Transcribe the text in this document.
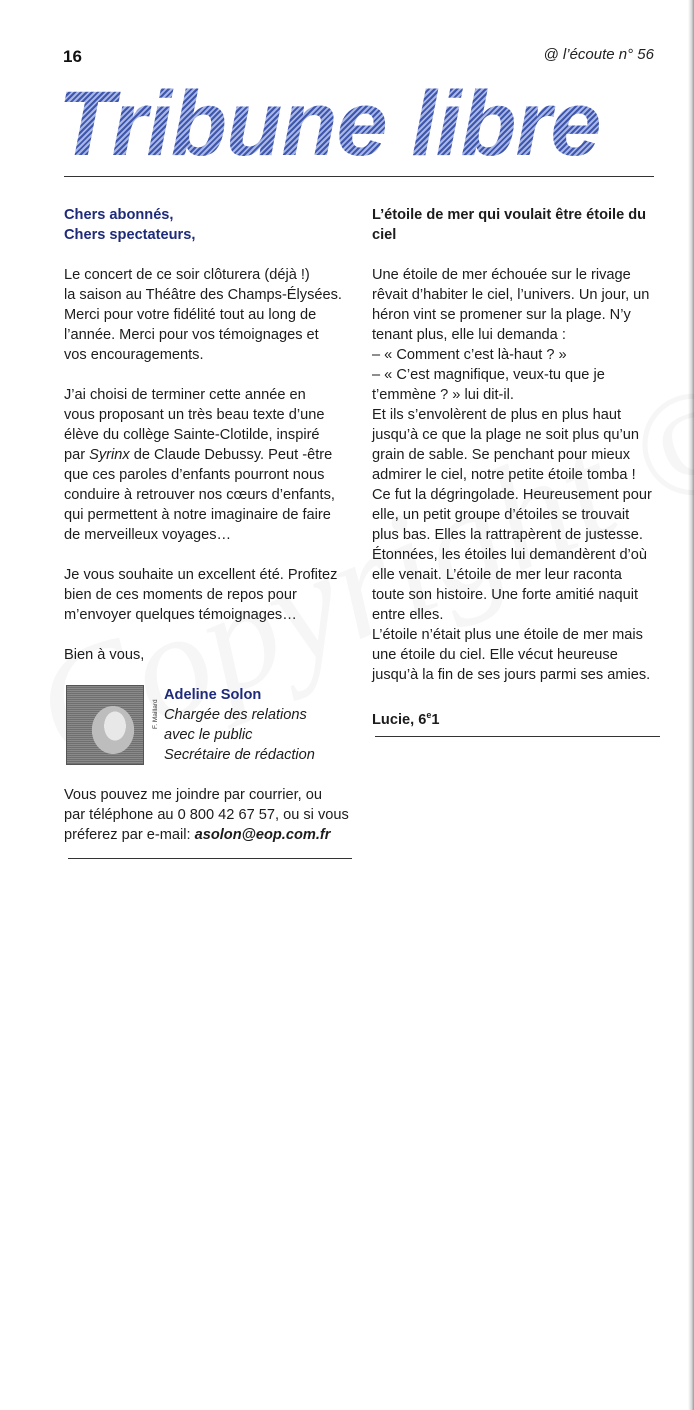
16	@ l’écoute n° 56
Tribune libre
Chers abonnés,
Chers spectateurs,
Le concert de ce soir clôturera (déjà !)
la saison au Théâtre des Champs-Élysées.
Merci pour votre fidélité tout au long de
l’année. Merci pour vos témoignages et
vos encouragements.
J’ai choisi de terminer cette année en
vous proposant un très beau texte d’une
élève du collège Sainte-Clotilde, inspiré
par Syrinx de Claude Debussy. Peut -être
que ces paroles d’enfants pourront nous
conduire à retrouver nos cœurs d’enfants,
qui permettent à notre imaginaire de faire
de merveilleux voyages…
Je vous souhaite un excellent été. Profitez
bien de ces moments de repos pour
m’envoyer quelques témoignages…
Bien à vous,
F. Maillard
Adeline Solon
Chargée des relations
avec le public
Secrétaire de rédaction
Vous pouvez me joindre par courrier, ou
par téléphone au 0 800 42 67 57, ou si vous
préferez par e-mail: asolon@eop.com.fr
L’étoile de mer qui voulait être étoile du
ciel
Une étoile de mer échouée sur le rivage
rêvait d’habiter le ciel, l’univers. Un jour, un
héron vint se promener sur la plage. N’y
tenant plus, elle lui demanda :
– « Comment c’est là-haut ? »
– « C’est magnifique, veux-tu que je
t’emmène ? » lui dit-il.
Et ils s’envolèrent de plus en plus haut
jusqu’à ce que la plage ne soit plus qu’un
grain de sable. Se penchant pour mieux
admirer le ciel, notre petite étoile tomba !
Ce fut la dégringolade. Heureusement pour
elle, un petit groupe d’étoiles se trouvait
plus bas. Elles la rattrapèrent de justesse.
Étonnées, les étoiles lui demandèrent d’où
elle venait. L’étoile de mer leur raconta
toute son histoire. Une forte amitié naquit
entre elles.
L’étoile n’était plus une étoile de mer mais
une étoile du ciel. Elle vécut heureuse
jusqu’à la fin de ses jours parmi ses amies.
Lucie, 6e1
